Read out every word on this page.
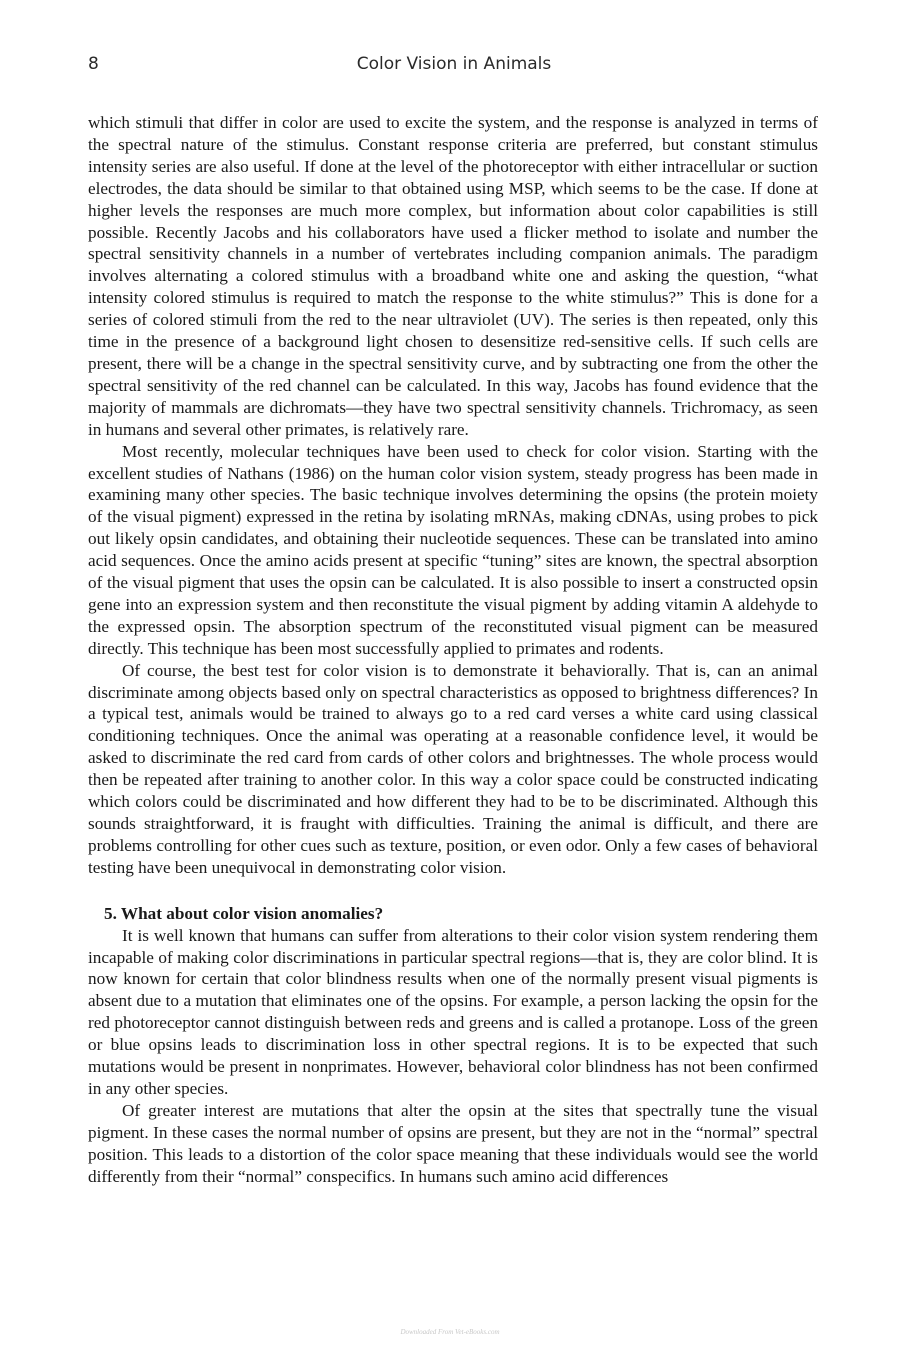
8	Color Vision in Animals

which stimuli that differ in color are used to excite the system, and the response is analyzed in terms of the spectral nature of the stimulus. Constant response criteria are preferred, but constant stimulus intensity series are also useful. If done at the level of the photoreceptor with either intracellular or suction electrodes, the data should be similar to that obtained using MSP, which seems to be the case. If done at higher levels the responses are much more complex, but information about color capabilities is still possible. Recently Jacobs and his collaborators have used a flicker method to isolate and number the spectral sensitivity channels in a number of vertebrates including companion animals. The paradigm involves alternating a colored stimulus with a broadband white one and asking the question, “what intensity colored stimulus is required to match the response to the white stimulus?” This is done for a series of colored stimuli from the red to the near ultraviolet (UV). The series is then repeated, only this time in the presence of a background light chosen to desensitize red-sensitive cells. If such cells are present, there will be a change in the spectral sensitivity curve, and by subtracting one from the other the spectral sensitivity of the red channel can be calculated. In this way, Jacobs has found evidence that the majority of mammals are dichromats—they have two spectral sensitivity channels. Trichromacy, as seen in humans and several other primates, is relatively rare.

Most recently, molecular techniques have been used to check for color vision. Starting with the excellent studies of Nathans (1986) on the human color vision system, steady progress has been made in examining many other species. The basic technique involves determining the opsins (the protein moiety of the visual pigment) expressed in the retina by isolating mRNAs, making cDNAs, using probes to pick out likely opsin candidates, and obtaining their nucleotide sequences. These can be translated into amino acid sequences. Once the amino acids present at specific “tuning” sites are known, the spectral absorption of the visual pigment that uses the opsin can be calculated. It is also possible to insert a constructed opsin gene into an expression system and then reconstitute the visual pigment by adding vitamin A aldehyde to the expressed opsin. The absorption spectrum of the reconstituted visual pigment can be measured directly. This technique has been most successfully applied to primates and rodents.

Of course, the best test for color vision is to demonstrate it behaviorally. That is, can an animal discriminate among objects based only on spectral characteristics as opposed to brightness differences? In a typical test, animals would be trained to always go to a red card verses a white card using classical conditioning techniques. Once the animal was operating at a reasonable confidence level, it would be asked to discriminate the red card from cards of other colors and brightnesses. The whole process would then be repeated after training to another color. In this way a color space could be constructed indicating which colors could be discriminated and how different they had to be to be discriminated. Although this sounds straightforward, it is fraught with difficulties. Training the animal is difficult, and there are problems controlling for other cues such as texture, position, or even odor. Only a few cases of behavioral testing have been unequivocal in demonstrating color vision.

5. What about color vision anomalies?

It is well known that humans can suffer from alterations to their color vision system rendering them incapable of making color discriminations in particular spectral regions—that is, they are color blind. It is now known for certain that color blindness results when one of the normally present visual pigments is absent due to a mutation that eliminates one of the opsins. For example, a person lacking the opsin for the red photoreceptor cannot distinguish between reds and greens and is called a protanope. Loss of the green or blue opsins leads to discrimination loss in other spectral regions. It is to be expected that such mutations would be present in nonprimates. However, behavioral color blindness has not been confirmed in any other species.

Of greater interest are mutations that alter the opsin at the sites that spectrally tune the visual pigment. In these cases the normal number of opsins are present, but they are not in the “normal” spectral position. This leads to a distortion of the color space meaning that these individuals would see the world differently from their “normal” conspecifics. In humans such amino acid differences

Downloaded From Vet-eBooks.com
